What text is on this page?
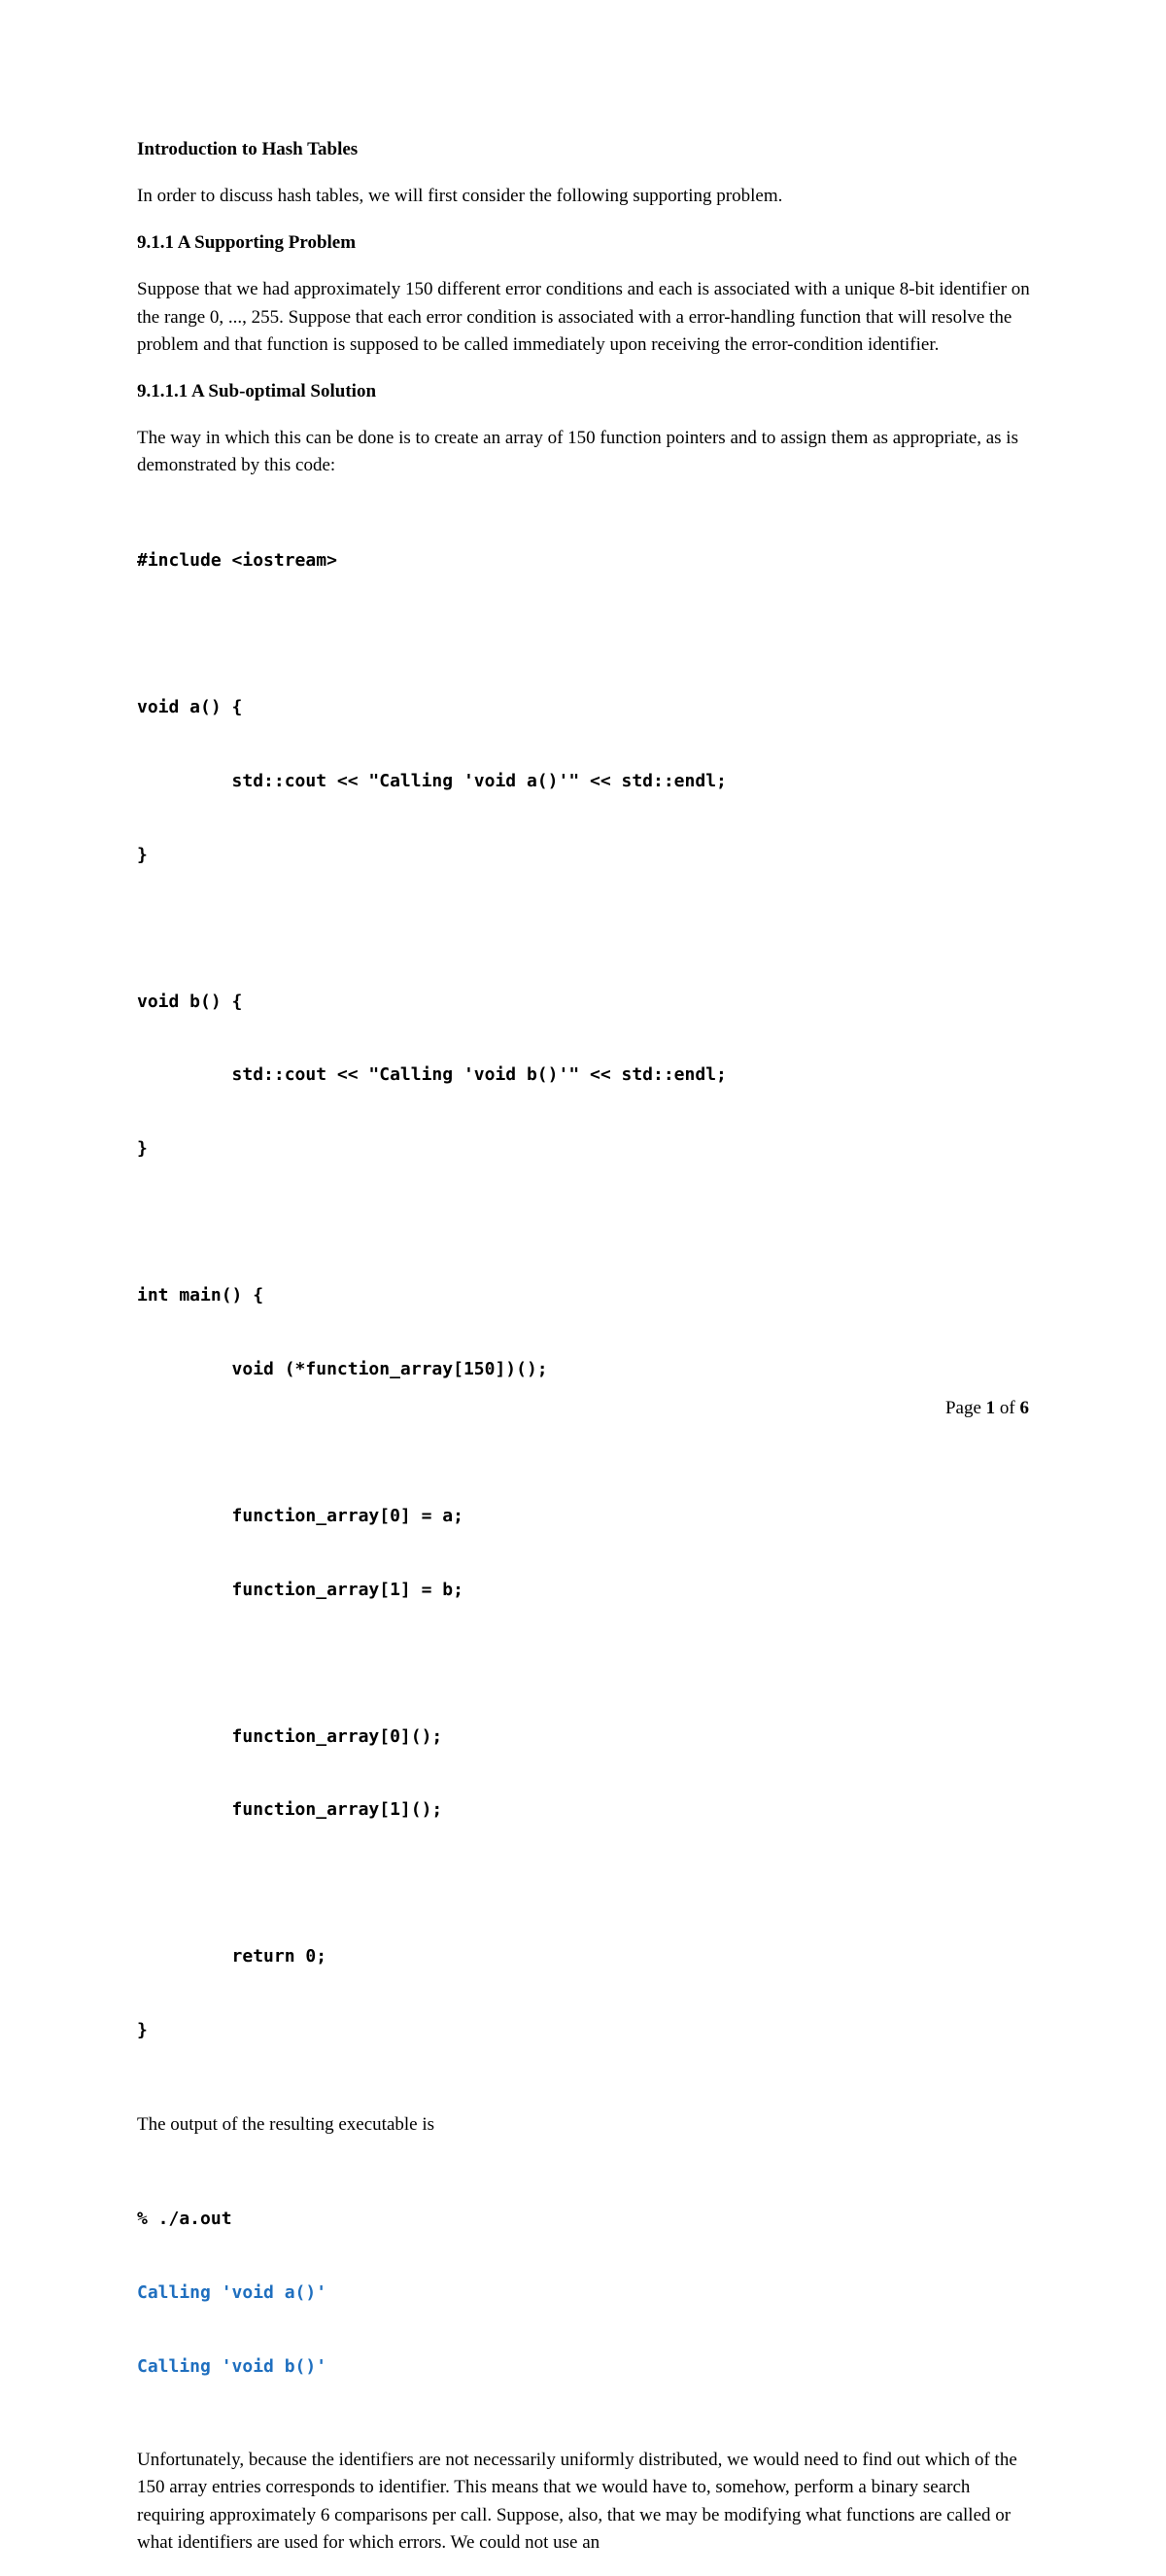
Introduction to Hash Tables
In order to discuss hash tables, we will first consider the following supporting problem.
9.1.1 A Supporting Problem
Suppose that we had approximately 150 different error conditions and each is associated with a unique 8-bit identifier on the range 0, ..., 255. Suppose that each error condition is associated with a error-handling function that will resolve the problem and that function is supposed to be called immediately upon receiving the error-condition identifier.
9.1.1.1 A Sub-optimal Solution
The way in which this can be done is to create an array of 150 function pointers and to assign them as appropriate, as is demonstrated by this code:

#include <iostream>

void a() {

std::cout << "Calling 'void a()'" << std::endl;

}

void b() {

std::cout << "Calling 'void b()'" << std::endl;

}

int main() {

void (*function_array[150])();

function_array[0] = a;

function_array[1] = b;

function_array[0]();

function_array[1]();

return 0;

}

The output of the resulting executable is

% ./a.out

Calling 'void a()'

Calling 'void b()'

Unfortunately, because the identifiers are not necessarily uniformly distributed, we would need to find out which of the 150 array entries corresponds to identifier. This means that we would have to, somehow, perform a binary search requiring approximately 6 comparisons per call. Suppose, also, that we may be modifying what functions are called or what identifiers are used for which errors. We could not use an
Page 1 of 6
